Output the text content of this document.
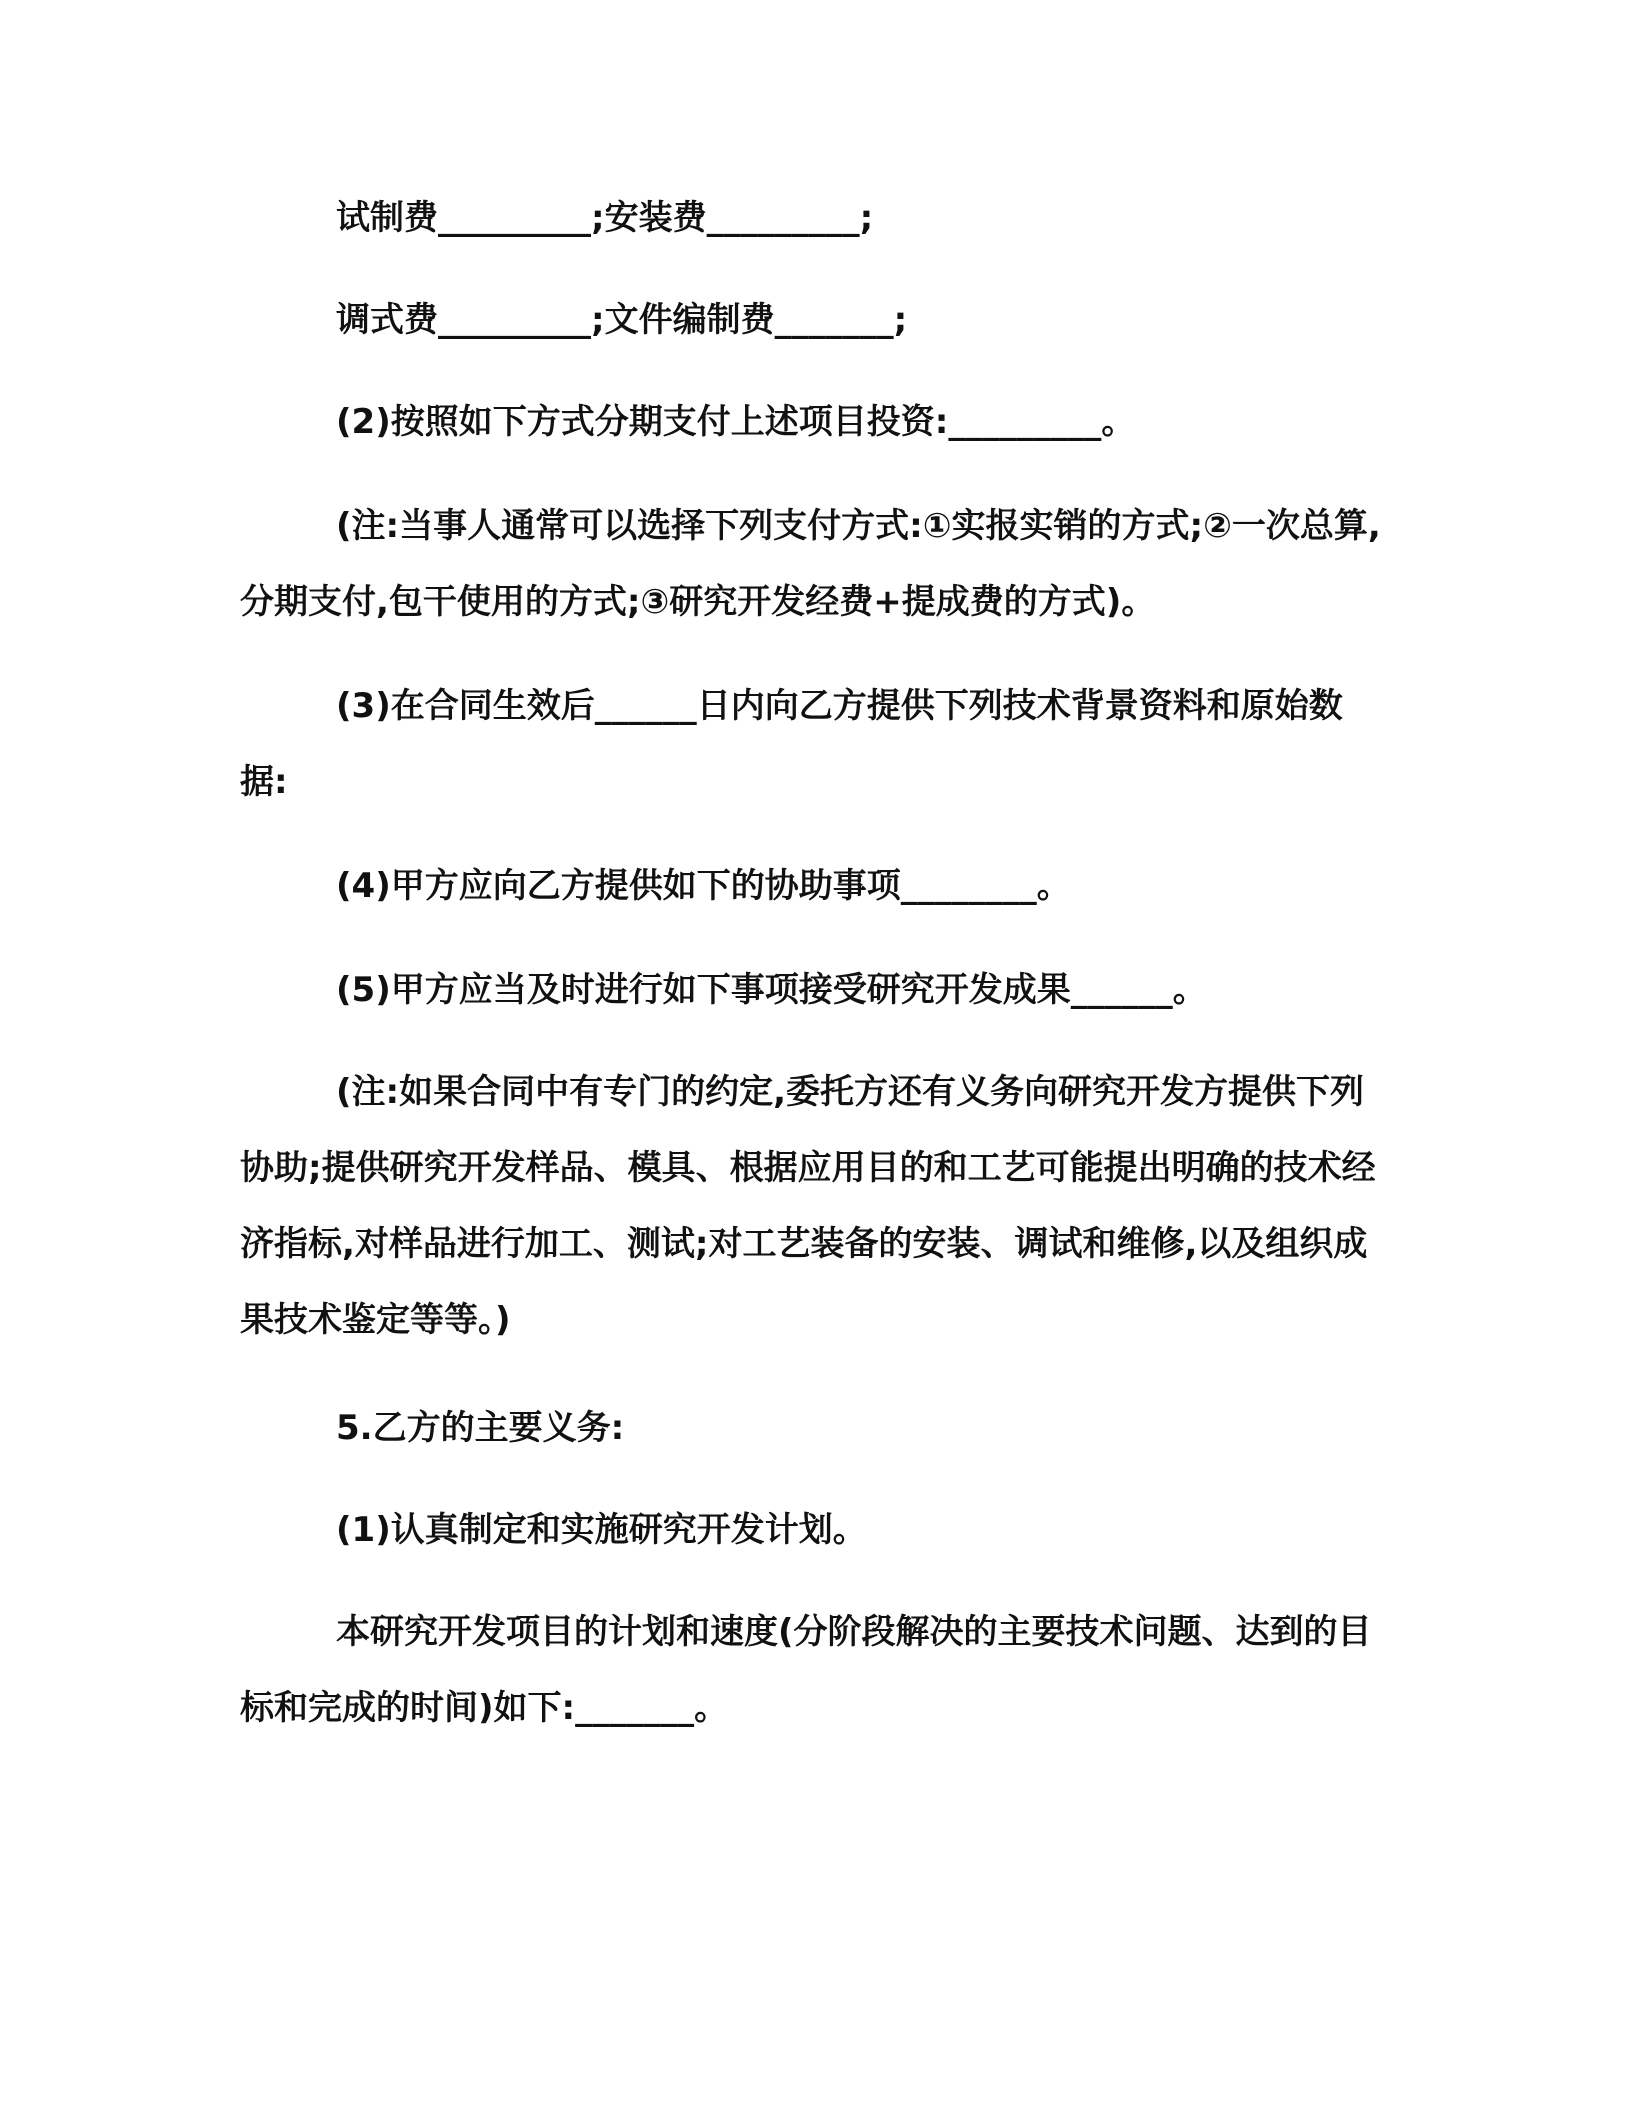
试制费_________;安装费_________;

调式费_________;文件编制费_______;

(2)按照如下方式分期支付上述项目投资:_________。

(注:当事人通常可以选择下列支付方式:①实报实销的方式;②一次总算,分期支付,包干使用的方式;③研究开发经费+提成费的方式)。

(3)在合同生效后______日内向乙方提供下列技术背景资料和原始数据:

(4)甲方应向乙方提供如下的协助事项________。

(5)甲方应当及时进行如下事项接受研究开发成果______。

(注:如果合同中有专门的约定,委托方还有义务向研究开发方提供下列协助;提供研究开发样品、模具、根据应用目的和工艺可能提出明确的技术经济指标,对样品进行加工、测试;对工艺装备的安装、调试和维修,以及组织成果技术鉴定等等。)

5.乙方的主要义务:

(1)认真制定和实施研究开发计划。

本研究开发项目的计划和速度(分阶段解决的主要技术问题、达到的目标和完成的时间)如下:_______。
